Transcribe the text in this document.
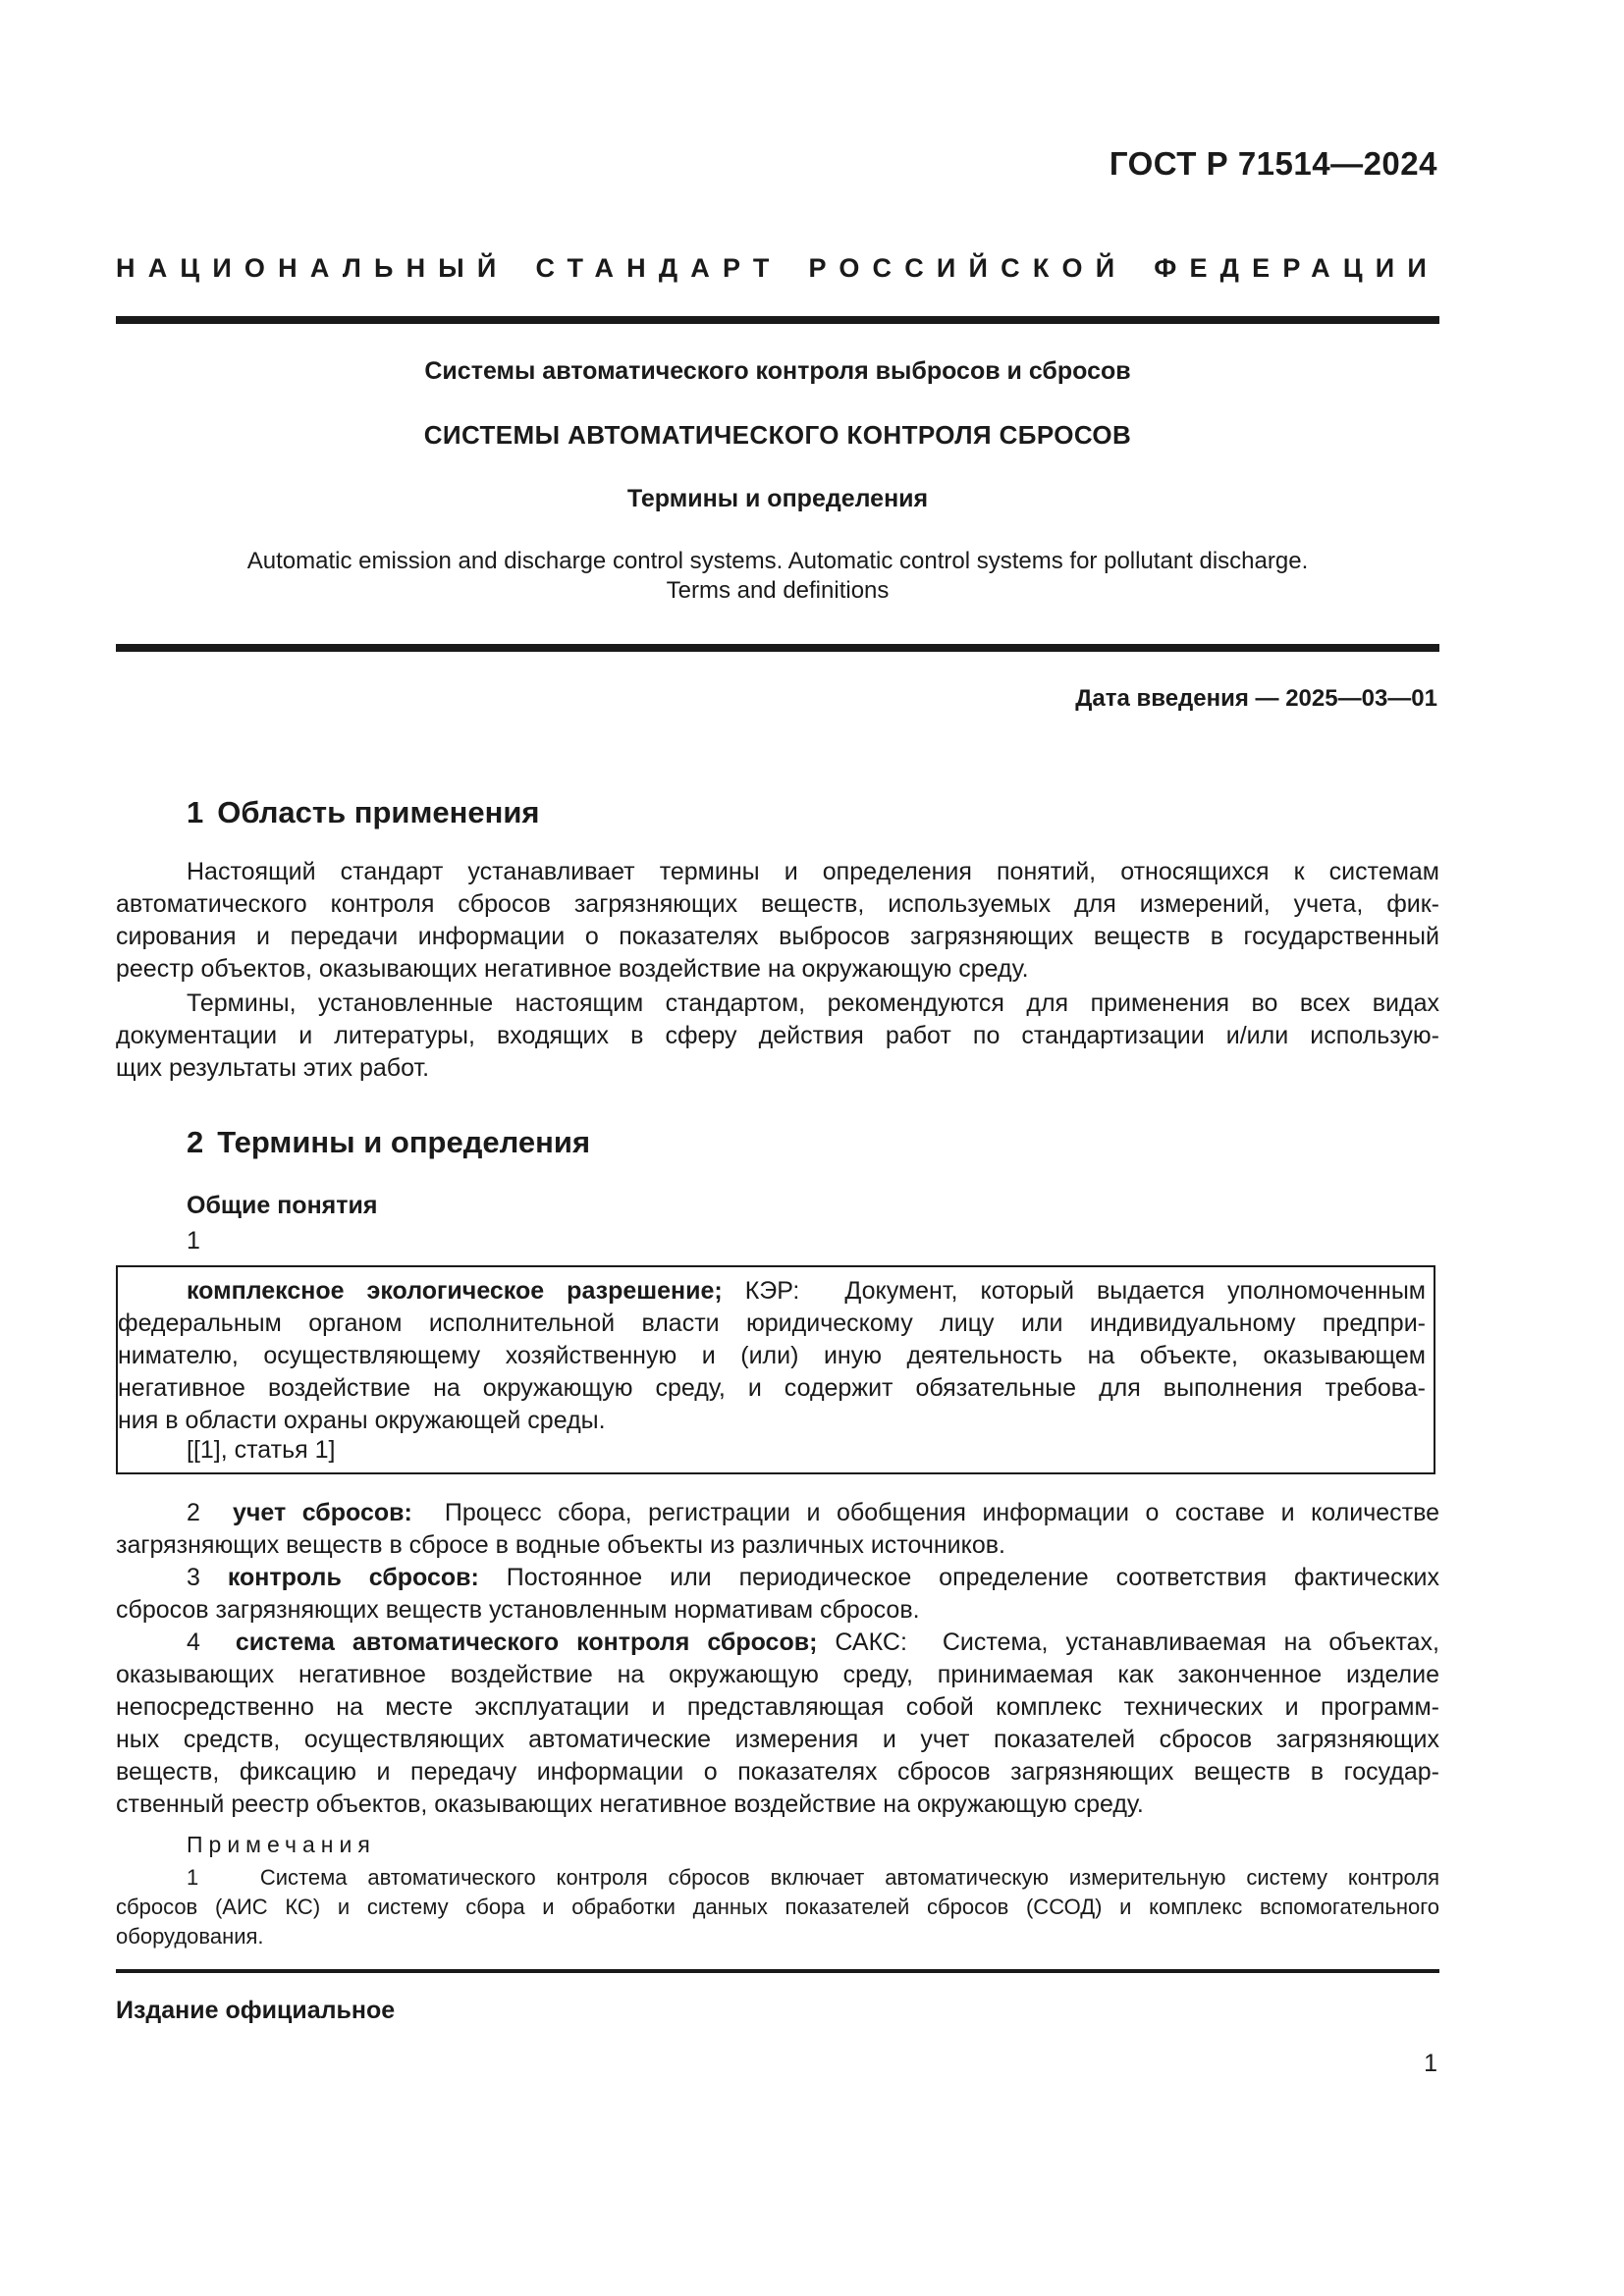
ГОСТ Р 71514—2024
НАЦИОНАЛЬНЫЙ СТАНДАРТ РОССИЙСКОЙ ФЕДЕРАЦИИ
Системы автоматического контроля выбросов и сбросов
СИСТЕМЫ АВТОМАТИЧЕСКОГО КОНТРОЛЯ СБРОСОВ
Термины и определения
Automatic emission and discharge control systems. Automatic control systems for pollutant discharge.
Terms and definitions
Дата введения — 2025—03—01
1 Область применения
Настоящий стандарт устанавливает термины и определения понятий, относящихся к системам
автоматического контроля сбросов загрязняющих веществ, используемых для измерений, учета, фик-
сирования и передачи информации о показателях выбросов загрязняющих веществ в государственный
реестр объектов, оказывающих негативное воздействие на окружающую среду.
Термины, установленные настоящим стандартом, рекомендуются для применения во всех видах
документации и литературы, входящих в сферу действия работ по стандартизации и/или использую-
щих результаты этих работ.
2 Термины и определения
Общие понятия
1
комплексное экологическое разрешение; КЭР: Документ, который выдается уполномоченным
федеральным органом исполнительной власти юридическому лицу или индивидуальному предпри-
нимателю, осуществляющему хозяйственную и (или) иную деятельность на объекте, оказывающем
негативное воздействие на окружающую среду, и содержит обязательные для выполнения требова-
ния в области охраны окружающей среды.
[[1], статья 1]
2 учет сбросов: Процесс сбора, регистрации и обобщения информации о составе и количестве
загрязняющих веществ в сбросе в водные объекты из различных источников.
3 контроль сбросов: Постоянное или периодическое определение соответствия фактических
сбросов загрязняющих веществ установленным нормативам сбросов.
4 система автоматического контроля сбросов; САКС: Система, устанавливаемая на объектах,
оказывающих негативное воздействие на окружающую среду, принимаемая как законченное изделие
непосредственно на месте эксплуатации и представляющая собой комплекс технических и программ-
ных средств, осуществляющих автоматические измерения и учет показателей сбросов загрязняющих
веществ, фиксацию и передачу информации о показателях сбросов загрязняющих веществ в государ-
ственный реестр объектов, оказывающих негативное воздействие на окружающую среду.
Примечания
1   Система автоматического контроля сбросов включает автоматическую измерительную систему контроля
сбросов (АИС КС) и систему сбора и обработки данных показателей сбросов (ССОД) и комплекс вспомогательного
оборудования.
Издание официальное
1
